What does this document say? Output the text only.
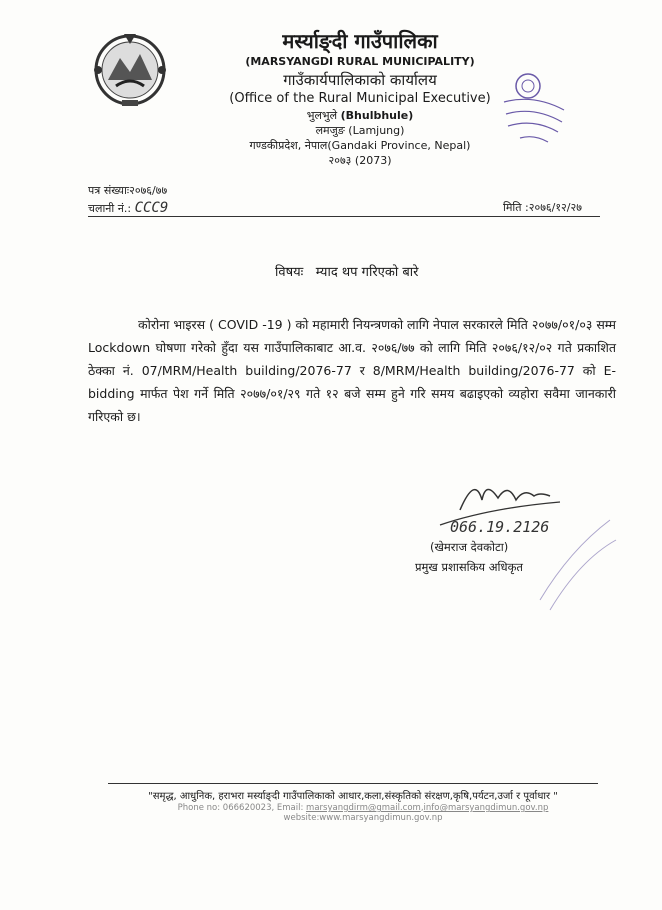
मर्स्याङ्दी गाउँपालिका
(MARSYANGDI RURAL MUNICIPALITY)
गाउँकार्यपालिकाको कार्यालय
(Office of the Rural Municipal Executive)
भुलभुले (Bhulbhule)
लमजुङ (Lamjung)
गण्डकीप्रदेश, नेपाल(Gandaki Province, Nepal)
२०७३ (2073)
पत्र संख्याः२०७६/७७
चलानी नं.: CCC9	मिति :२०७६/१२/२७
विषयः म्याद थप गरिएको बारे
कोरोना भाइरस ( COVID -19 ) को महामारी नियन्त्रणको लागि नेपाल सरकारले मिति २०७७/०१/०३ सम्म Lockdown घोषणा गरेको हुँदा यस गाउँपालिकाबाट आ.व. २०७६/७७ को लागि मिति २०७६/१२/०२ गते प्रकाशित ठेक्का नं. 07/MRM/Health building/2076-77 र 8/MRM/Health building/2076-77 को E- bidding मार्फत पेश गर्ने मिति २०७७/०१/२९ गते १२ बजे सम्म हुने गरि समय बढाइएको व्यहोरा सवैमा जानकारी गरिएको छ।
066.19.2126
(खेमराज देवकोटा)
प्रमुख प्रशासकिय अधिकृत
"समृद्ध, आधुनिक, हराभरा मर्स्याङ्दी गाउँपालिकाको आधार,कला,संस्कृतिको संरक्षण,कृषि,पर्यटन,उर्जा र पूर्वाधार "
Phone no: 066620023, Email: marsyangdirm@gmail.com,info@marsyangdimun.gov.np website:www.marsyangdimun.gov.np
